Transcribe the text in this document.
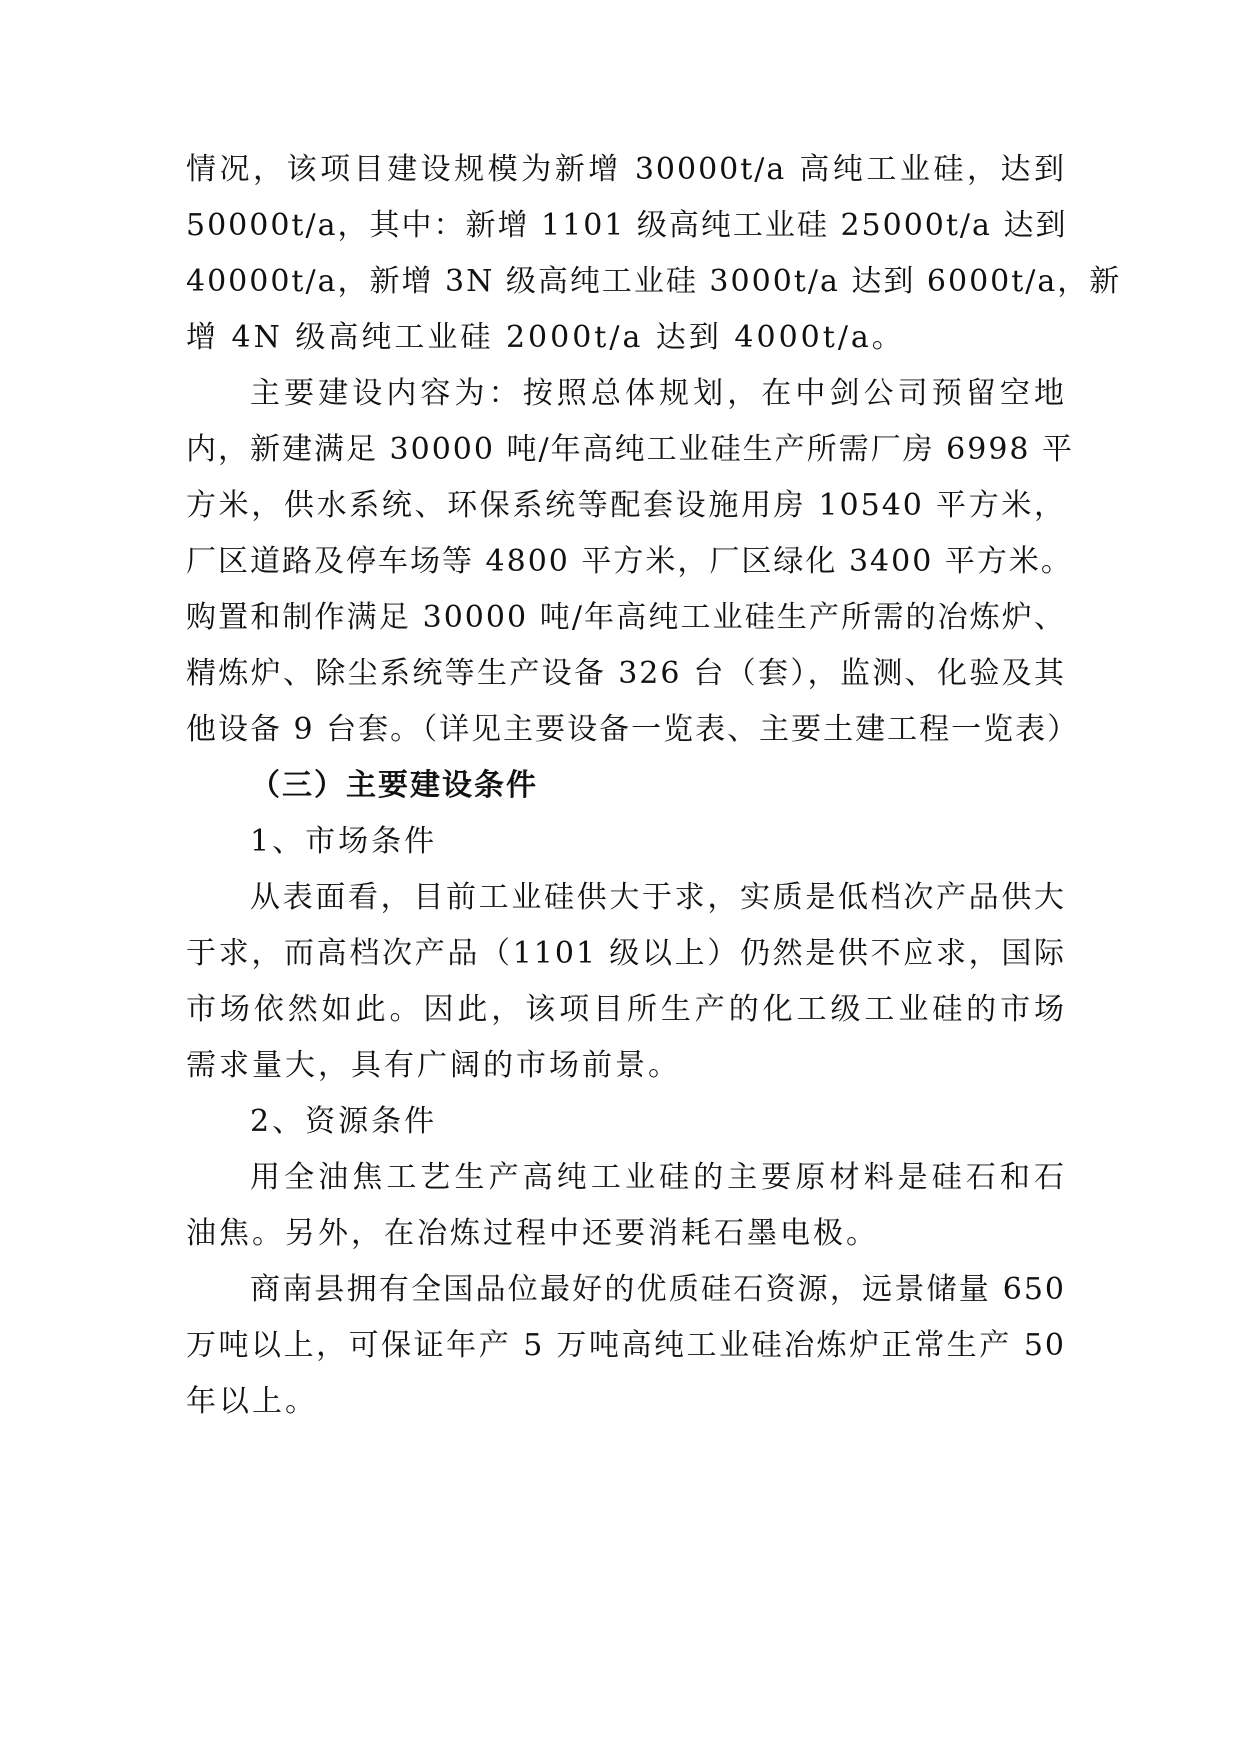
情况，该项目建设规模为新增 30000t/a 高纯工业硅，达到
50000t/a，其中：新增 1101 级高纯工业硅 25000t/a 达到
40000t/a，新增 3N 级高纯工业硅 3000t/a 达到 6000t/a，新
增 4N 级高纯工业硅 2000t/a 达到 4000t/a。
主要建设内容为：按照总体规划，在中剑公司预留空地
内，新建满足 30000 吨/年高纯工业硅生产所需厂房 6998 平
方米，供水系统、环保系统等配套设施用房 10540 平方米，
厂区道路及停车场等 4800 平方米，厂区绿化 3400 平方米。
购置和制作满足 30000 吨/年高纯工业硅生产所需的冶炼炉、
精炼炉、除尘系统等生产设备 326 台（套），监测、化验及其
他设备 9 台套。（详见主要设备一览表、主要土建工程一览表）
（三）主要建设条件
1、市场条件
从表面看，目前工业硅供大于求，实质是低档次产品供大
于求，而高档次产品（1101 级以上）仍然是供不应求，国际
市场依然如此。因此，该项目所生产的化工级工业硅的市场
需求量大，具有广阔的市场前景。
2、资源条件
用全油焦工艺生产高纯工业硅的主要原材料是硅石和石
油焦。另外，在冶炼过程中还要消耗石墨电极。
商南县拥有全国品位最好的优质硅石资源，远景储量 650
万吨以上，可保证年产 5 万吨高纯工业硅冶炼炉正常生产 50
年以上。
